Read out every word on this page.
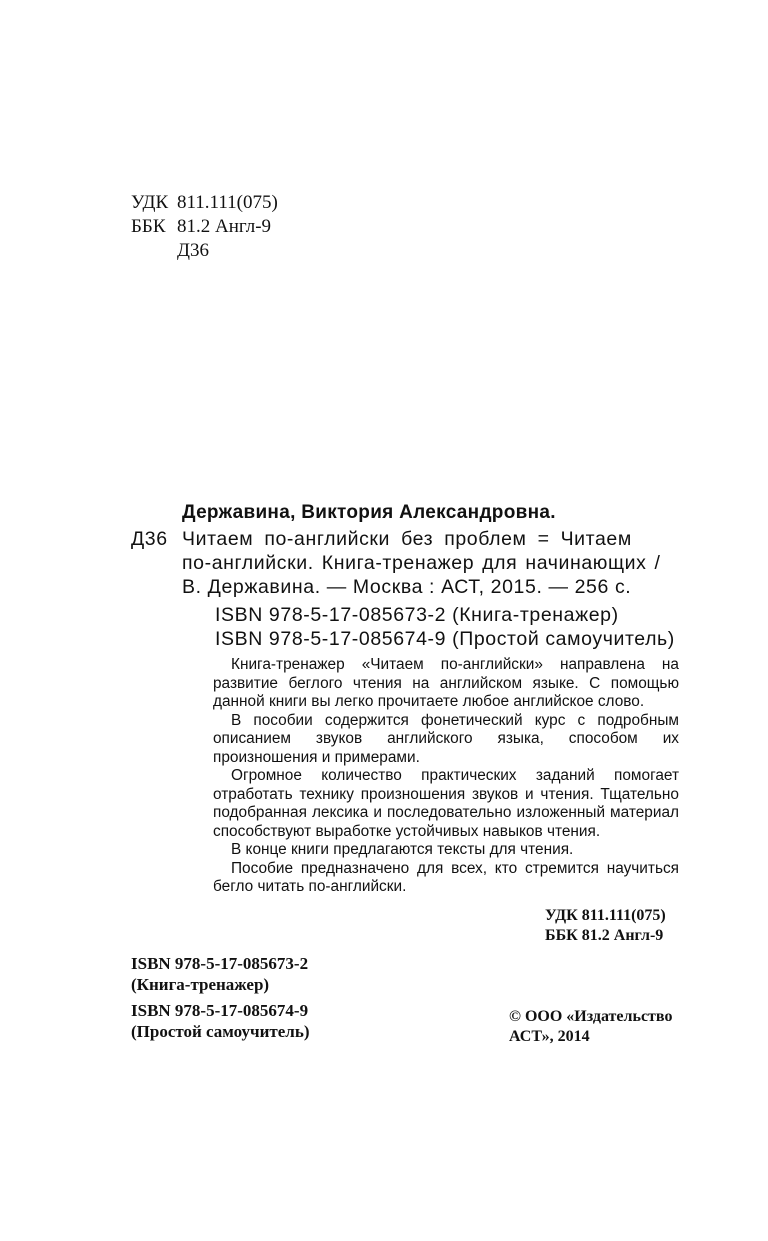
УДК 811.111(075)
ББК 81.2 Англ-9
Д36
Державина, Виктория Александровна.
Д36 Читаем по-английски без проблем = Читаем
по-английски. Книга-тренажер для начинающих /
В. Державина. — Москва : АСТ, 2015. — 256 с.
ISBN 978-5-17-085673-2 (Книга-тренажер)
ISBN 978-5-17-085674-9 (Простой самоучитель)

Книга-тренажер «Читаем по-английски» направлена на развитие беглого чтения на английском языке. С помощью данной книги вы легко прочитаете любое английское слово.

В пособии содержится фонетический курс с подробным описанием звуков английского языка, способом их произношения и примерами.

Огромное количество практических заданий помогает отработать технику произношения звуков и чтения. Тщательно подобранная лексика и последовательно изложенный материал способствуют выработке устойчивых навыков чтения.

В конце книги предлагаются тексты для чтения.

Пособие предназначено для всех, кто стремится научиться бегло читать по-английски.

УДК 811.111(075)
ББК 81.2 Англ-9
ISBN 978-5-17-085673-2
(Книга-тренажер)
ISBN 978-5-17-085674-9
(Простой самоучитель)
© ООО «Издательство
АСТ», 2014
